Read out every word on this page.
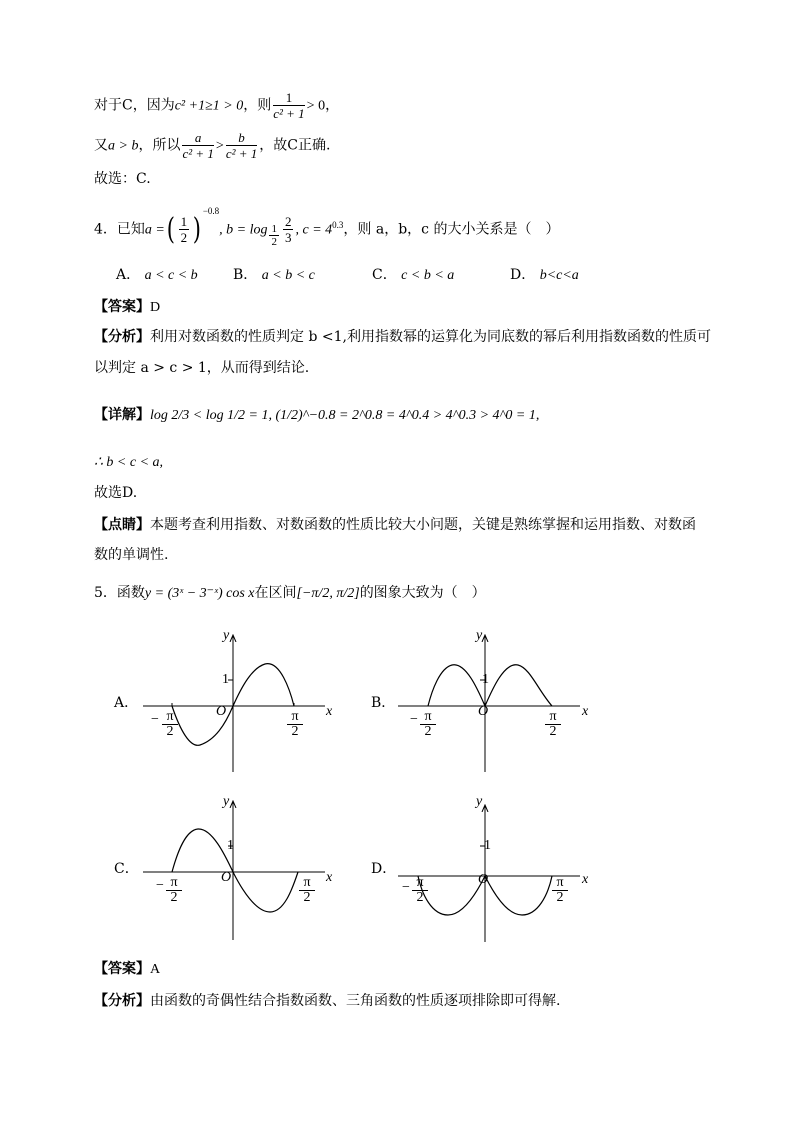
对于C，因为c² +1≥1 > 0，则 $\frac{1}{\text{c² + 1}} > 0$，
又a > b，所以 $\frac{a}{\text{c² + 1}} > \frac{b}{\text{c² + 1}}$ ，故C正确.
故选：C.
4．已知a =( $\frac{1}{2} )^{-0.8}$, $b = \log _{\frac{1}{2}} \frac{2}{3}$ , $c = 4^{0.3}$，则 a，b，c 的大小关系是（　）
A． a < c < b	B． a < b < c	C． c < b < a	D． b<c<a
【答案】D
【分析】利用对数函数的性质判定 b <1,利用指数幂的运算化为同底数的幂后利用指数函数的性质可
以判定 a > c > 1，从而得到结论.
【详解】log 2/3 < log 1/2 = 1, (1/2)^−0.8 = 2^0.8 = 4^0.4 > 4^0.3 > 4^0 = 1,
∴ b < c < a,
故选D.
【点睛】本题考查利用指数、对数函数的性质比较大小问题，关键是熟练掌握和运用指数、对数函
数的单调性.
5．函数y = (3ˣ − 3⁻ˣ) cos x在区间[−π/2, π/2]的图象大致为（　）
A．
y
x
O
1
− π
2
π
2
B．
y
x
O
1
− π
2
π
2
C．
y
x
O
1
− π
2
π
2
D．
y
x
O
1
− π
2
π
2
【答案】A
【分析】由函数的奇偶性结合指数函数、三角函数的性质逐项排除即可得解.
